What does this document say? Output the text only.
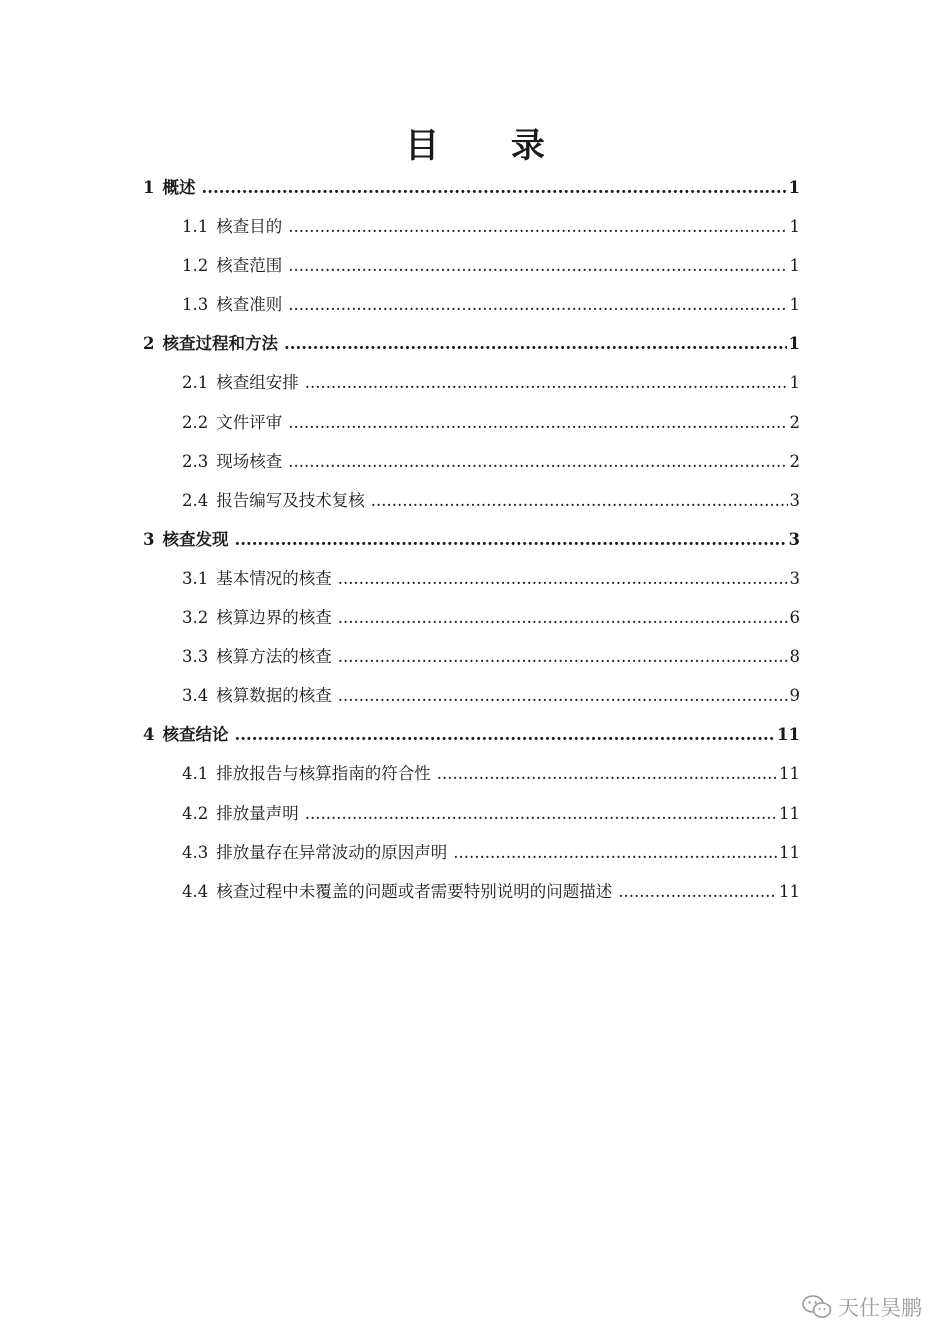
目 录
1 概述 .....	1
1.1 核查目的 .....	1
1.2 核查范围 .....	1
1.3 核查准则 .....	1
2 核查过程和方法 .....	1
2.1 核查组安排 .....	1
2.2 文件评审 .....	2
2.3 现场核查 .....	2
2.4 报告编写及技术复核 .....	3
3 核查发现 .....	3
3.1 基本情况的核查 .....	3
3.2 核算边界的核查 .....	6
3.3 核算方法的核查 .....	8
3.4 核算数据的核查 .....	9
4 核查结论 .....	11
4.1 排放报告与核算指南的符合性 .....	11
4.2 排放量声明 .....	11
4.3 排放量存在异常波动的原因声明 .....	11
4.4 核查过程中未覆盖的问题或者需要特别说明的问题描述 .....	11
天仕昊鹏
